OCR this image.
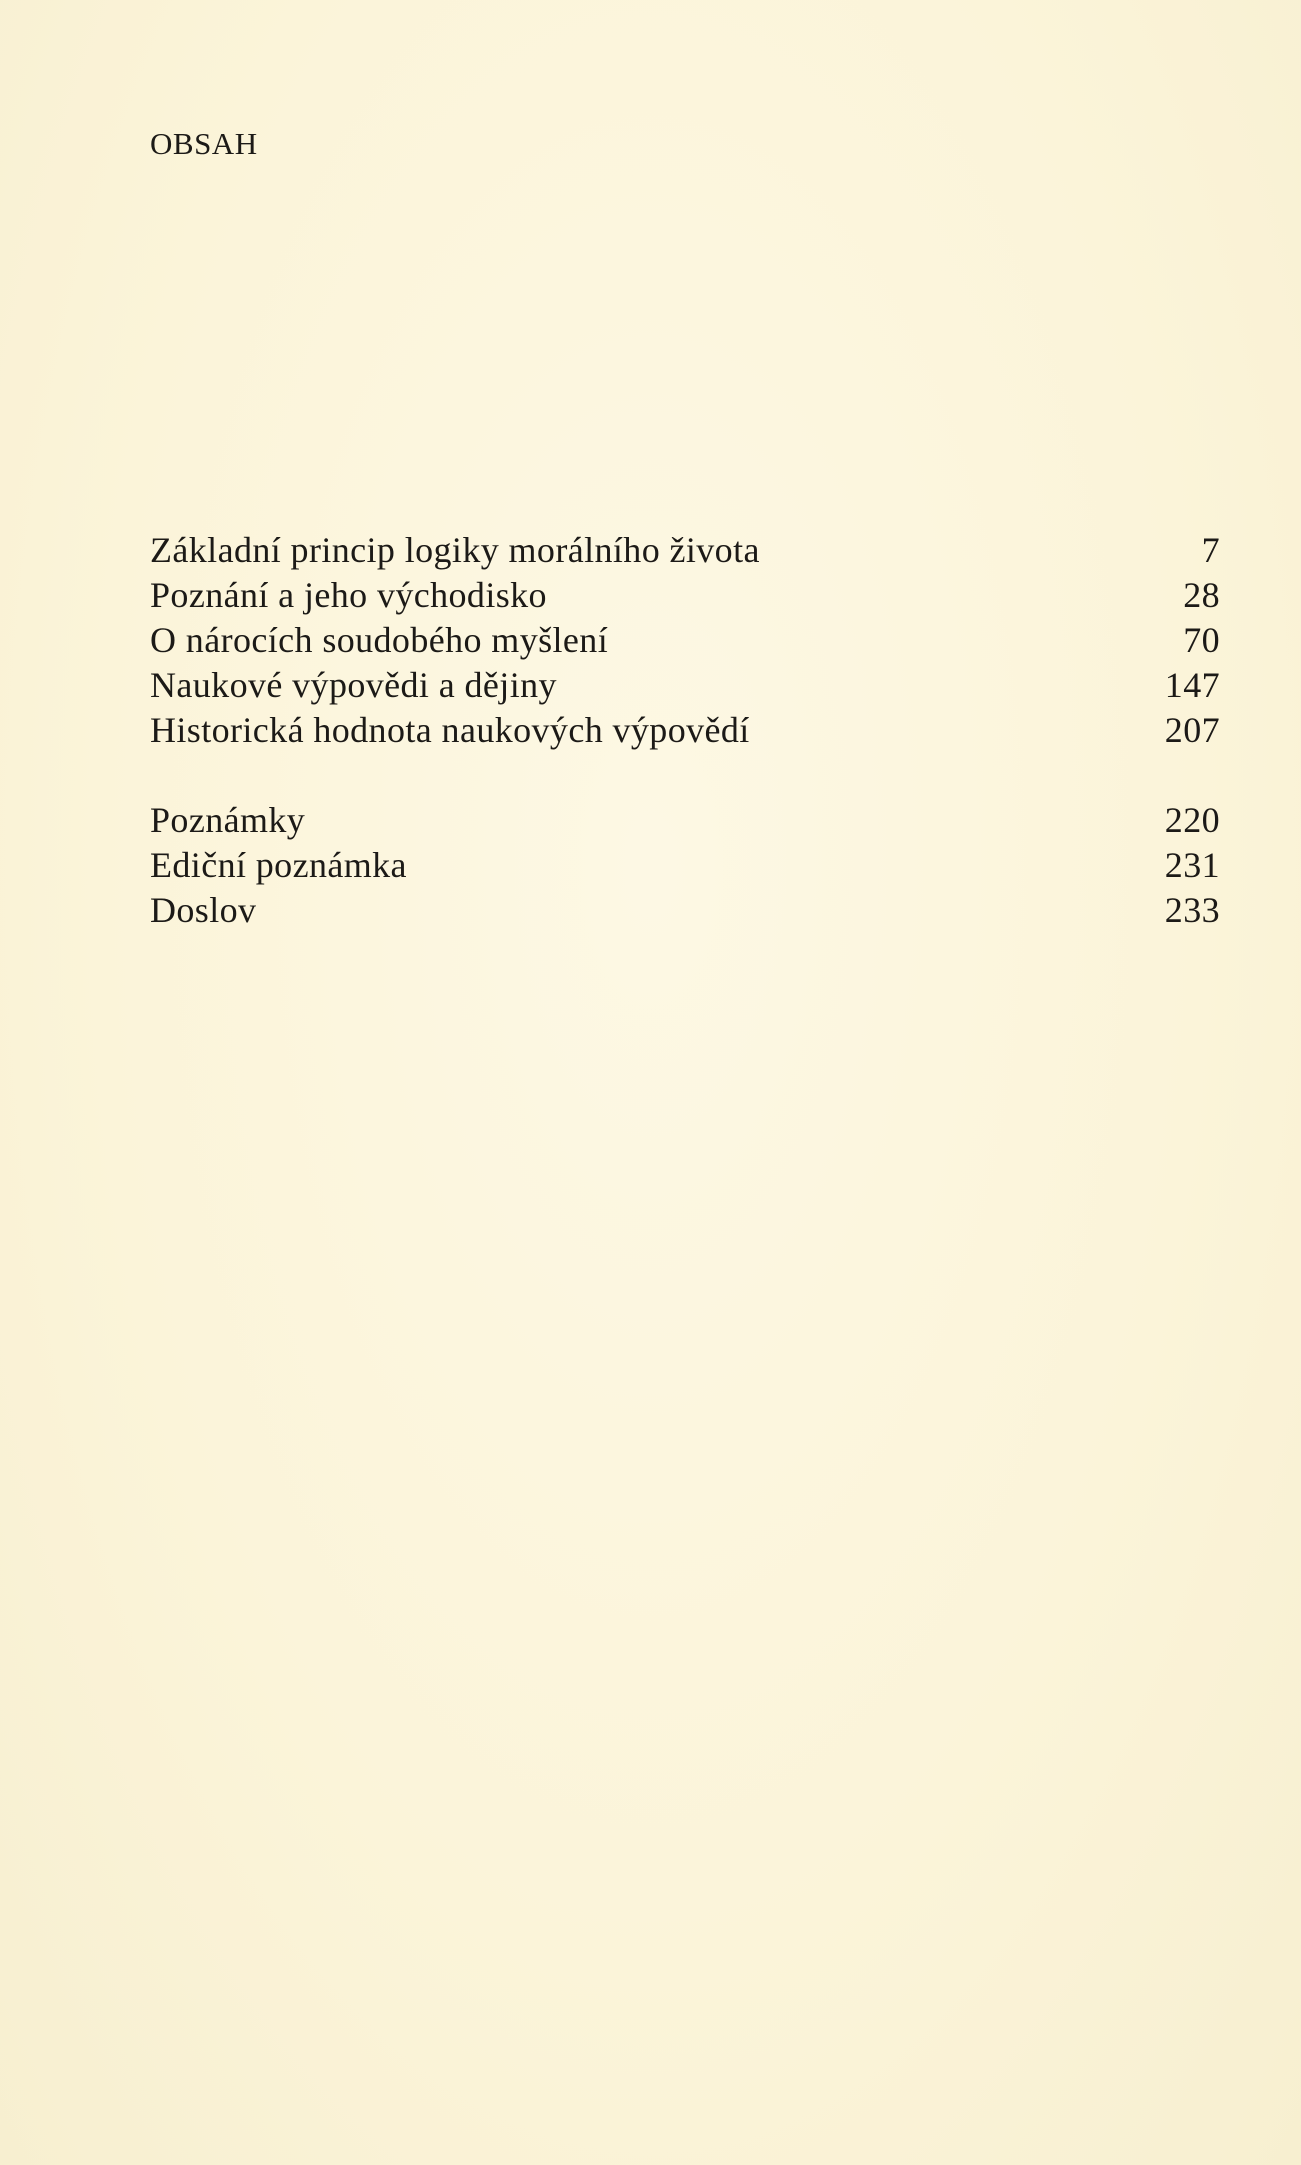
OBSAH
Základní princip logiky morálního života	7
Poznání a jeho východisko	28
O nárocích soudobého myšlení	70
Naukové výpovědi a dějiny	147
Historická hodnota naukových výpovědí	207
Poznámky	220
Ediční poznámka	231
Doslov	233
